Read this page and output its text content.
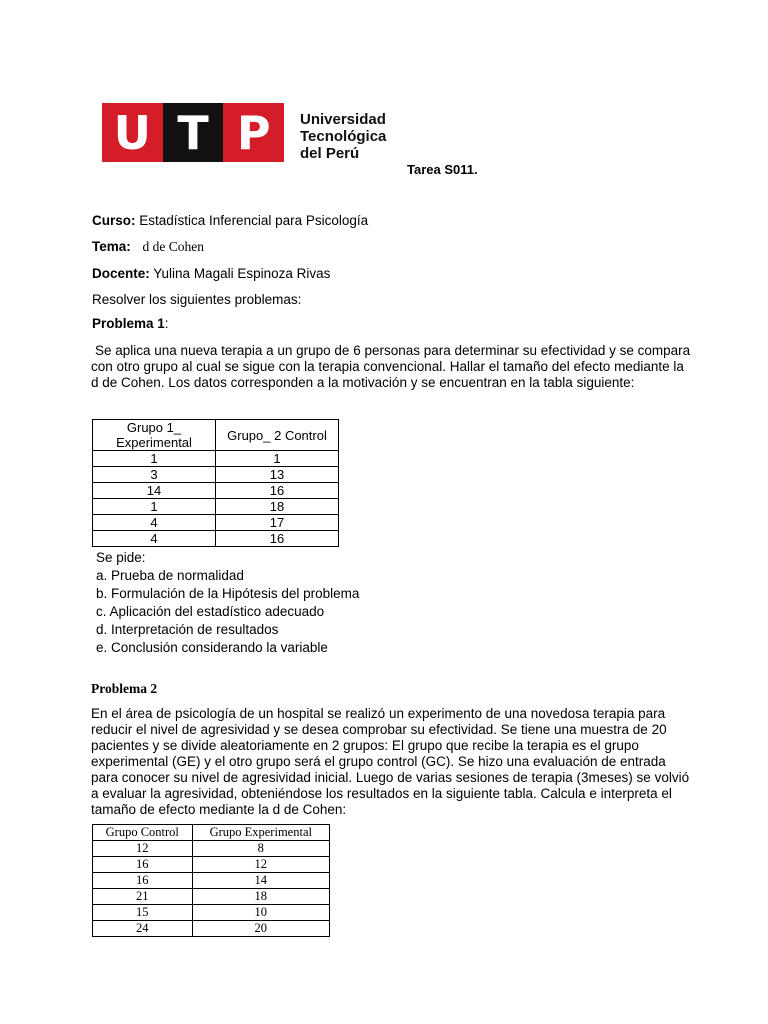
U T P	Universidad
Tecnológica
del Perú
Tarea S011.
Curso: Estadística Inferencial para Psicología
Tema: d de Cohen
Docente: Yulina Magali Espinoza Rivas
Resolver los siguientes problemas:
Problema 1:
Se aplica una nueva terapia a un grupo de 6 personas para determinar su efectividad y se compara con otro grupo al cual se sigue con la terapia convencional. Hallar el tamaño del efecto mediante la d de Cohen. Los datos corresponden a la motivación y se encuentran en la tabla siguiente:
Grupo 1_ Experimental	Grupo_ 2 Control
1	1
3	13
14	16
1	18
4	17
4	16
Se pide:
a. Prueba de normalidad
b. Formulación de la Hipótesis del problema
c. Aplicación del estadístico adecuado
d. Interpretación de resultados
e. Conclusión considerando la variable
Problema 2
En el área de psicología de un hospital se realizó un experimento de una novedosa terapia para reducir el nivel de agresividad y se desea comprobar su efectividad. Se tiene una muestra de 20 pacientes y se divide aleatoriamente en 2 grupos: El grupo que recibe la terapia es el grupo experimental (GE) y el otro grupo será el grupo control (GC). Se hizo una evaluación de entrada para conocer su nivel de agresividad inicial. Luego de varias sesiones de terapia (3meses) se volvió a evaluar la agresividad, obteniéndose los resultados en la siguiente tabla. Calcula e interpreta el tamaño de efecto mediante la d de Cohen:
Grupo Control	Grupo Experimental
12	8
16	12
16	14
21	18
15	10
24	20
